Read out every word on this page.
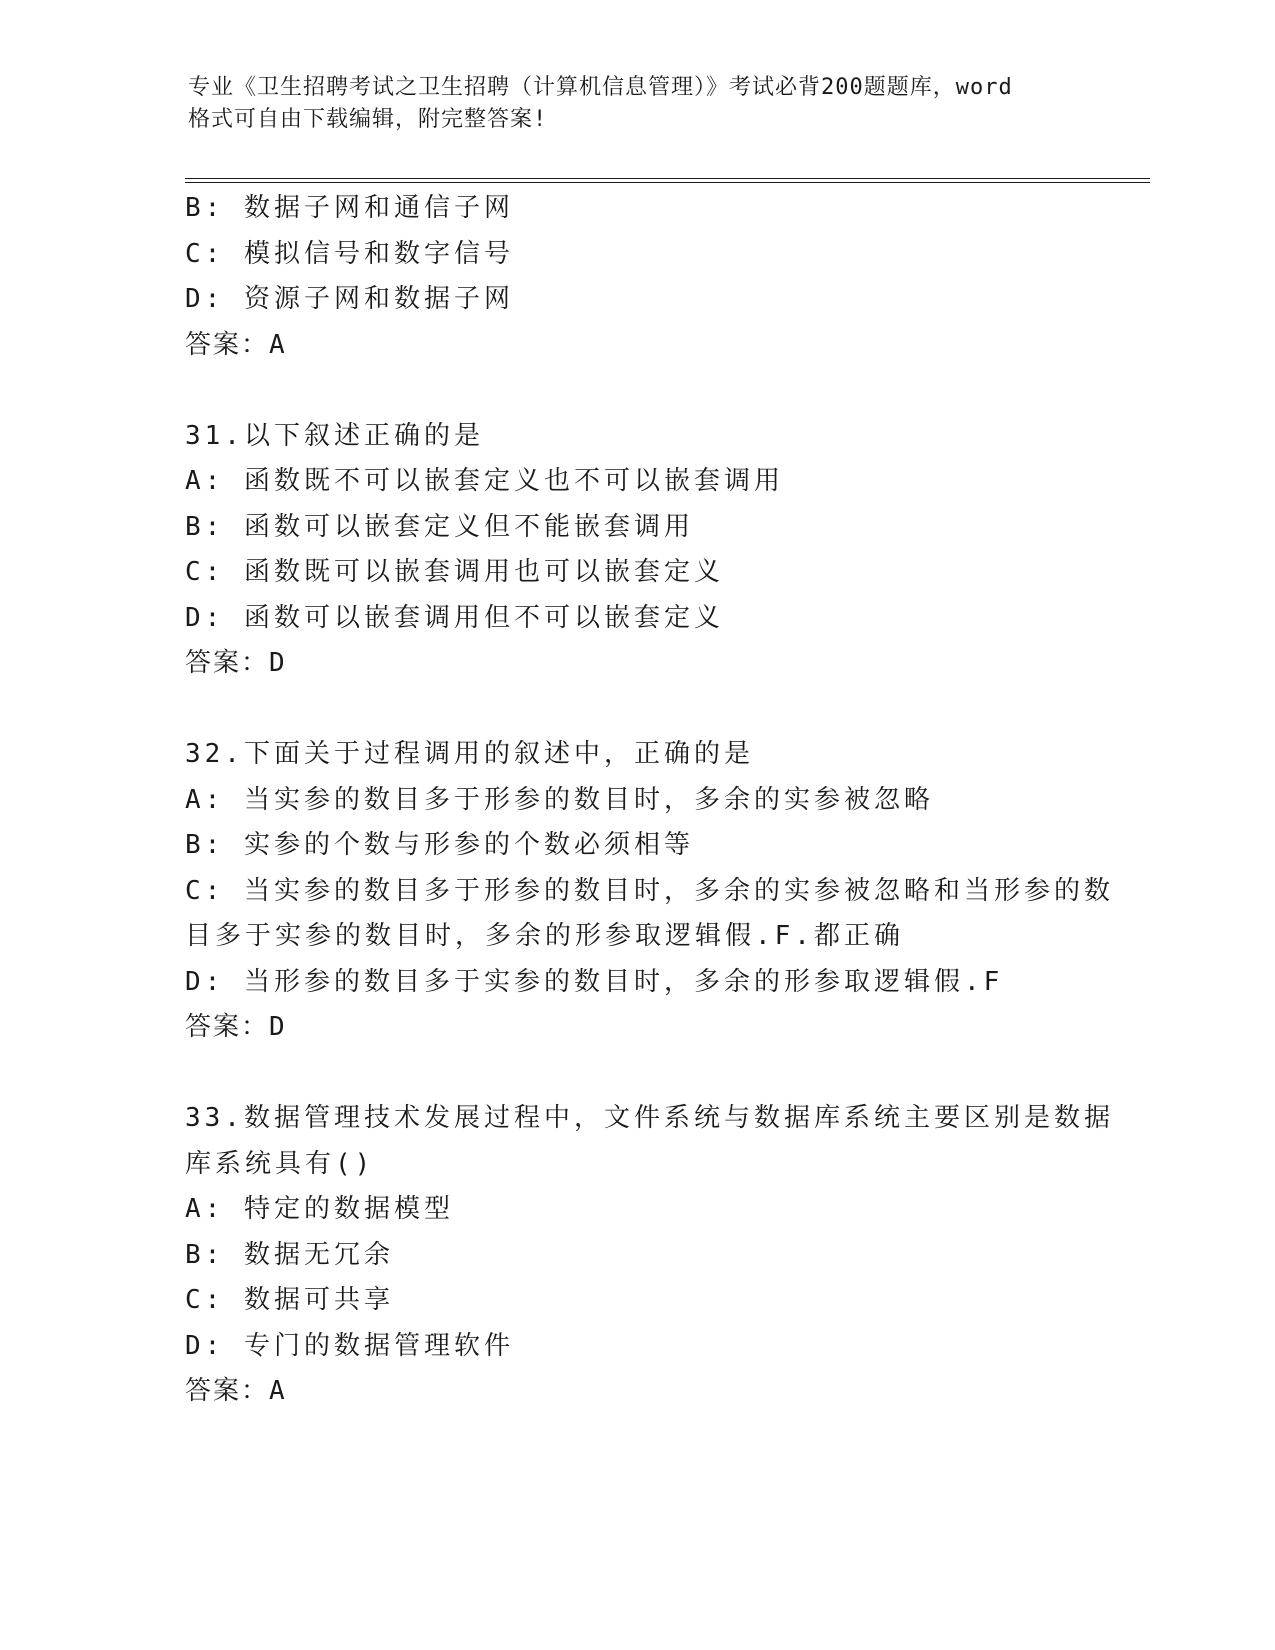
专业《卫生招聘考试之卫生招聘（计算机信息管理）》考试必背200题题库，word
格式可自由下载编辑，附完整答案!
B: 数据子网和通信子网
C: 模拟信号和数字信号
D: 资源子网和数据子网
答案：A
31.以下叙述正确的是
A: 函数既不可以嵌套定义也不可以嵌套调用
B: 函数可以嵌套定义但不能嵌套调用
C: 函数既可以嵌套调用也可以嵌套定义
D: 函数可以嵌套调用但不可以嵌套定义
答案：D
32.下面关于过程调用的叙述中，正确的是
A: 当实参的数目多于形参的数目时，多余的实参被忽略
B: 实参的个数与形参的个数必须相等
C: 当实参的数目多于形参的数目时，多余的实参被忽略和当形参的数
目多于实参的数目时，多余的形参取逻辑假.F.都正确
D: 当形参的数目多于实参的数目时，多余的形参取逻辑假.F
答案：D
33.数据管理技术发展过程中，文件系统与数据库系统主要区别是数据
库系统具有()
A: 特定的数据模型
B: 数据无冗余
C: 数据可共享
D: 专门的数据管理软件
答案：A
